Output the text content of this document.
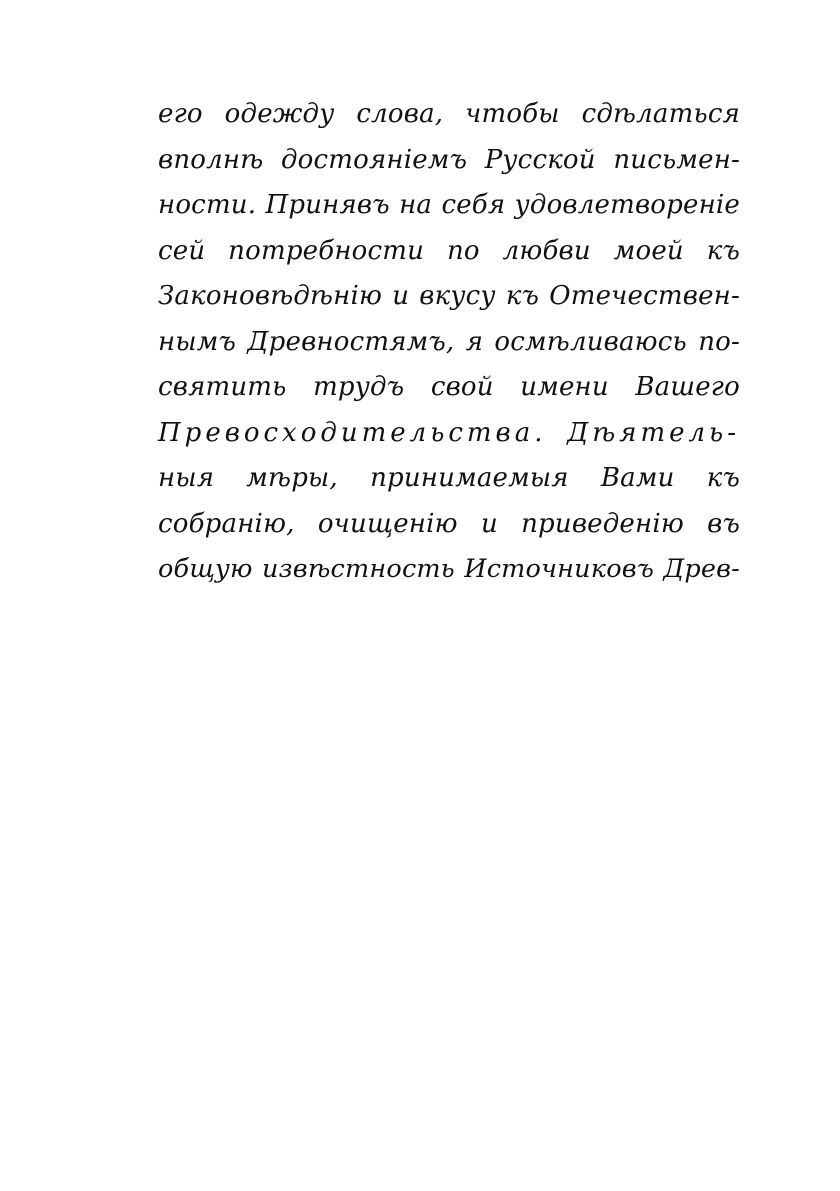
его одежду слова, чтобы сдѣлаться
вполнѣ достояніемъ Русской письмен-
ности. Принявъ на себя удовлетвореніе
сей потребности по любви моей къ
Законовѣдѣнію и вкусу къ Отечествен-
нымъ Древностямъ, я осмѣливаюсь по-
святить трудъ свой имени Вашего
Превосходительства. Дѣятель-
ныя мѣры, принимаемыя Вами къ
собранію, очищенію и приведенію въ
общую извѣстность Источниковъ Древ-
